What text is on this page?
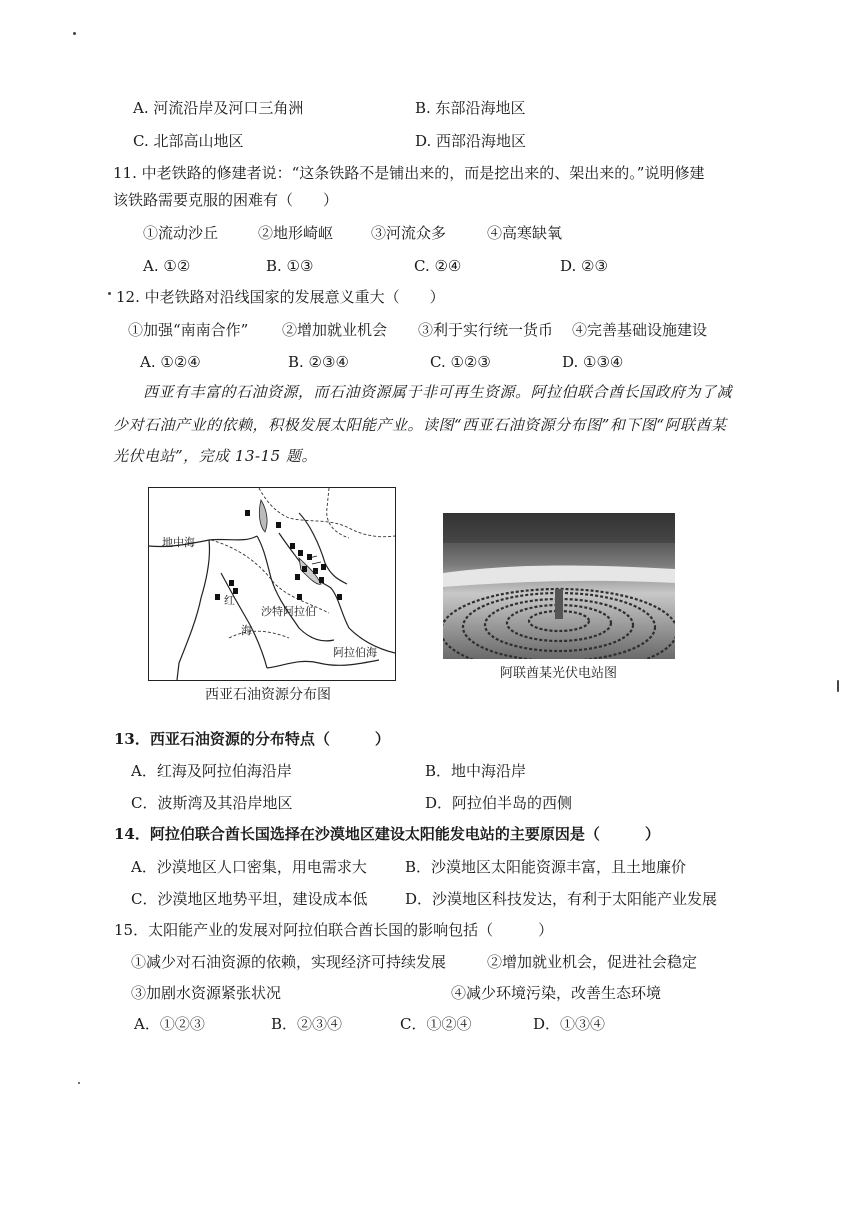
A. 河流沿岸及河口三角洲	B. 东部沿海地区
C. 北部高山地区	D. 西部沿海地区
11. 中老铁路的修建者说：“这条铁路不是铺出来的，而是挖出来的、架出来的。”说明修建
该铁路需要克服的困难有（　　）
①流动沙丘	②地形崎岖	③河流众多	④高寒缺氧
A. ①②	B. ①③	C. ②④	D. ②③
12. 中老铁路对沿线国家的发展意义重大（　　）
①加强“南南合作” ②增加就业机会 ③利于实行统一货币 ④完善基础设施建设
A. ①②④	B. ②③④	C. ①②③	D. ①③④
西亚有丰富的石油资源，而石油资源属于非可再生资源。阿拉伯联合酋长国政府为了减
少对石油产业的依赖，积极发展太阳能产业。读图“西亚石油资源分布图”和下图“阿联酋某
光伏电站”，完成 13-15 题。
地中海
红
海
沙特阿拉伯
阿拉伯海
西亚石油资源分布图
阿联酋某光伏电站图
13．西亚石油资源的分布特点（　　　）
A．红海及阿拉伯海沿岸	B．地中海沿岸
C．波斯湾及其沿岸地区	D．阿拉伯半岛的西侧
14．阿拉伯联合酋长国选择在沙漠地区建设太阳能发电站的主要原因是（　　　）
A．沙漠地区人口密集，用电需求大	B．沙漠地区太阳能资源丰富，且土地廉价
C．沙漠地区地势平坦，建设成本低	D．沙漠地区科技发达，有利于太阳能产业发展
15．太阳能产业的发展对阿拉伯联合酋长国的影响包括（　　　）
①减少对石油资源的依赖，实现经济可持续发展	②增加就业机会，促进社会稳定
③加剧水资源紧张状况	④减少环境污染，改善生态环境
A．①②③	B．②③④	C．①②④	D．①③④
